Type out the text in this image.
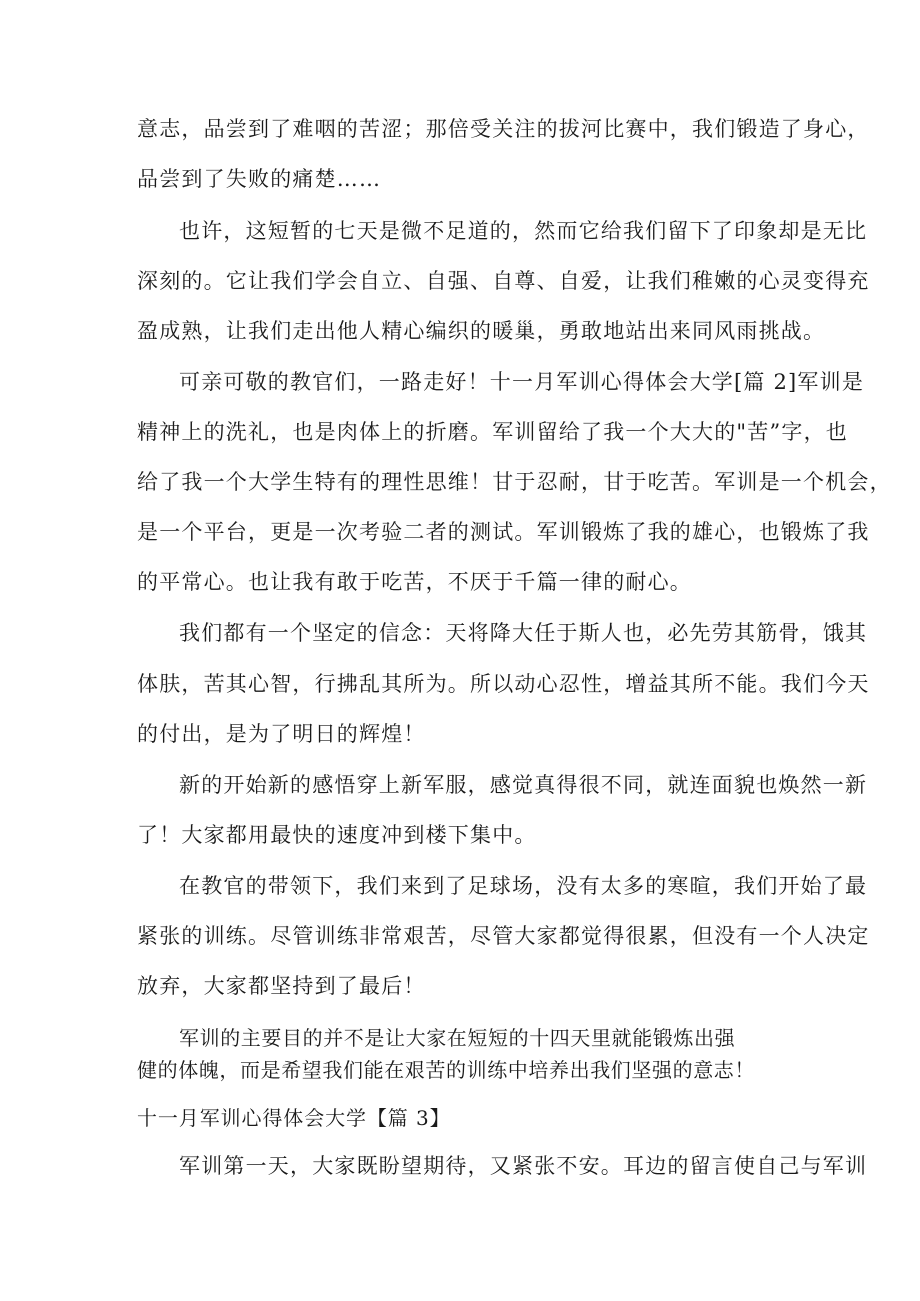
意志，品尝到了难咽的苦涩；那倍受关注的拔河比赛中，我们锻造了身心，
品尝到了失败的痛楚……
也许，这短暂的七天是微不足道的，然而它给我们留下了印象却是无比
深刻的。它让我们学会自立、自强、自尊、自爱，让我们稚嫩的心灵变得充
盈成熟，让我们走出他人精心编织的暖巢，勇敢地站出来同风雨挑战。
可亲可敬的教官们，一路走好！十一月军训心得体会大学[篇 2]军训是
精神上的洗礼，也是肉体上的折磨。军训留给了我一个大大的"苦”字，也
给了我一个大学生特有的理性思维！甘于忍耐，甘于吃苦。军训是一个机会，
是一个平台，更是一次考验二者的测试。军训锻炼了我的雄心，也锻炼了我
的平常心。也让我有敢于吃苦，不厌于千篇一律的耐心。
我们都有一个坚定的信念：天将降大任于斯人也，必先劳其筋骨，饿其
体肤，苦其心智，行拂乱其所为。所以动心忍性，增益其所不能。我们今天
的付出，是为了明日的辉煌！
新的开始新的感悟穿上新军服，感觉真得很不同，就连面貌也焕然一新
了！大家都用最快的速度冲到楼下集中。
在教官的带领下，我们来到了足球场，没有太多的寒暄，我们开始了最
紧张的训练。尽管训练非常艰苦，尽管大家都觉得很累，但没有一个人决定
放弃，大家都坚持到了最后！
军训的主要目的并不是让大家在短短的十四天里就能锻炼出强
健的体魄，而是希望我们能在艰苦的训练中培养出我们坚强的意志！
十一月军训心得体会大学【篇 3】
军训第一天，大家既盼望期待，又紧张不安。耳边的留言使自己与军训
